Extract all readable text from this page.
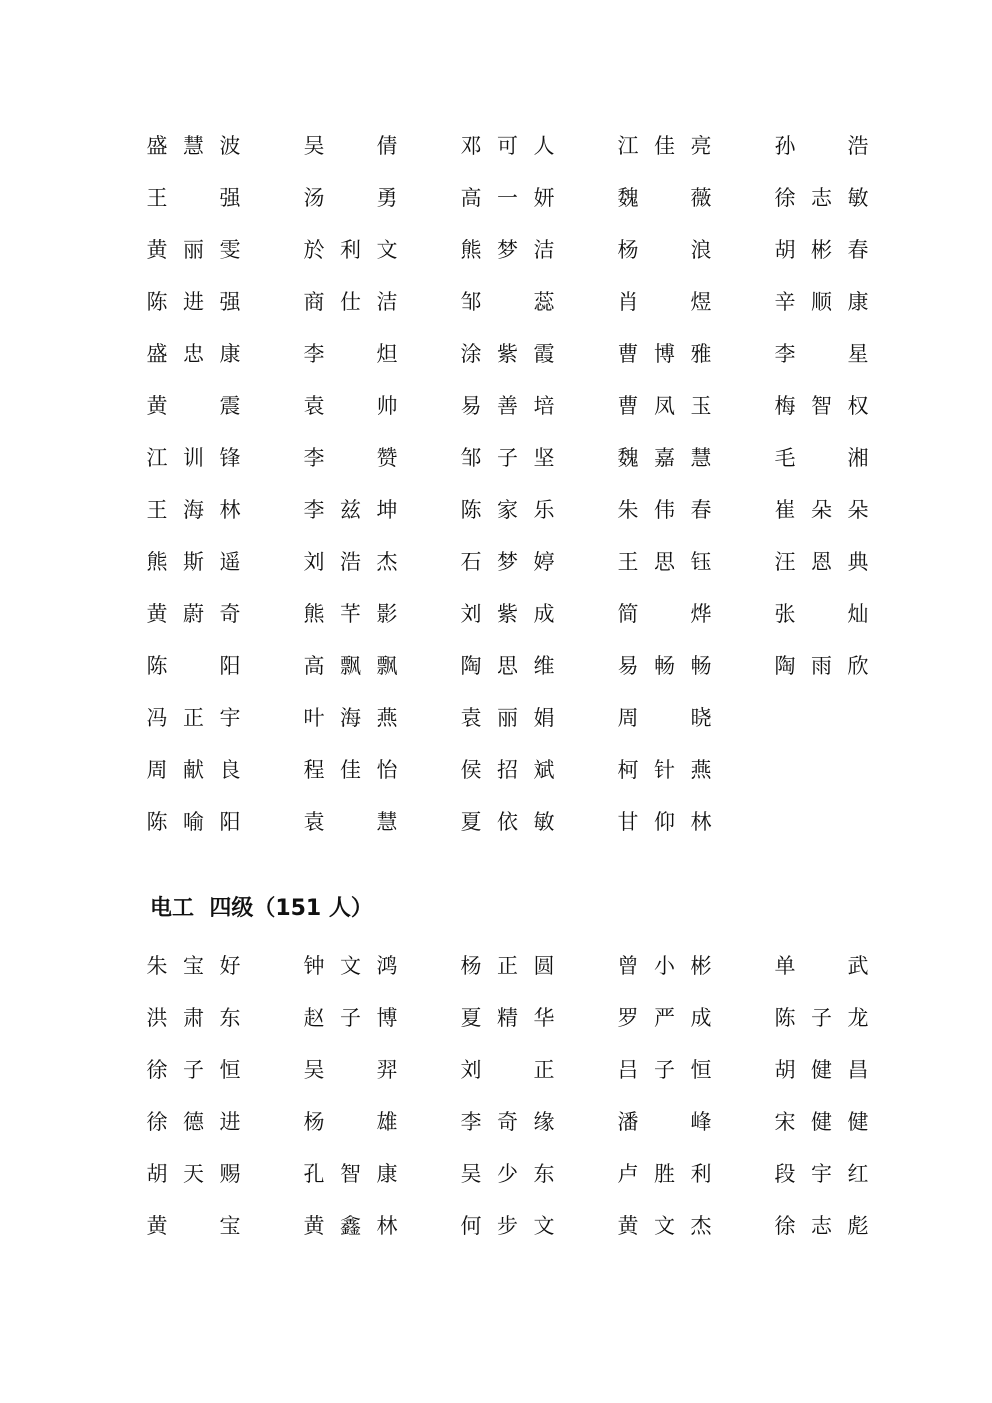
盛 慧 波	吴 倩	邓 可 人	江 佳 亮	孙 浩
王 强	汤 勇	高 一 妍	魏 薇	徐 志 敏
黄 丽 雯	於 利 文	熊 梦 洁	杨 浪	胡 彬 春
陈 进 强	商 仕 洁	邹 蕊	肖 煜	辛 顺 康
盛 忠 康	李 炟	涂 紫 霞	曹 博 雅	李 星
黄 震	袁 帅	易 善 培	曹 凤 玉	梅 智 权
江 训 锋	李 赞	邹 子 坚	魏 嘉 慧	毛 湘
王 海 林	李 兹 坤	陈 家 乐	朱 伟 春	崔 朵 朵
熊 斯 遥	刘 浩 杰	石 梦 婷	王 思 钰	汪 恩 典
黄 蔚 奇	熊 芊 影	刘 紫 成	简 烨	张 灿
陈 阳	高 飘 飘	陶 思 维	易 畅 畅	陶 雨 欣
冯 正 宇	叶 海 燕	袁 丽 娟	周 晓
周 献 良	程 佳 怡	侯 招 斌	柯 针 燕
陈 喻 阳	袁 慧	夏 依 敏	甘 仰 林
电工  四级（151 人）
朱 宝 好	钟 文 鸿	杨 正 圆	曾 小 彬	单 武
洪 肃 东	赵 子 博	夏 精 华	罗 严 成	陈 子 龙
徐 子 恒	吴 羿	刘 正	吕 子 恒	胡 健 昌
徐 德 进	杨 雄	李 奇 缘	潘 峰	宋 健 健
胡 天 赐	孔 智 康	吴 少 东	卢 胜 利	段 宇 红
黄 宝	黄 鑫 林	何 步 文	黄 文 杰	徐 志 彪
